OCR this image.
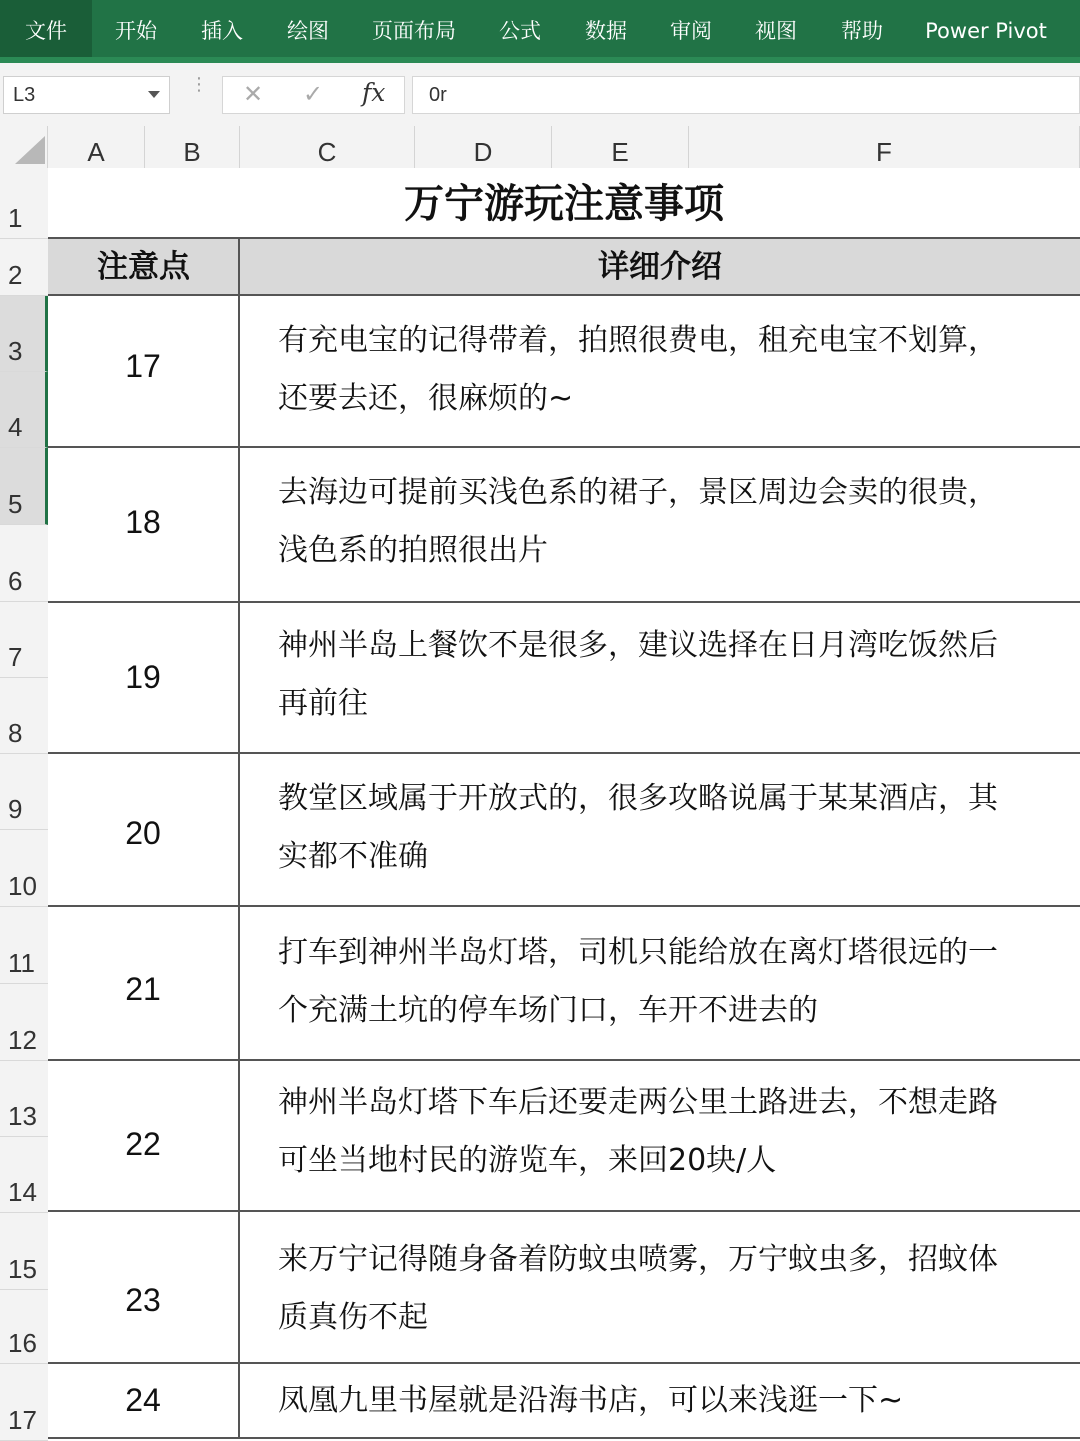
文件	开始	插入	绘图	页面布局	公式	数据	审阅	视图	帮助	Power Pivot
L3	⋮ ✕ ✓ fx 0r
A	B	C	D	E	F
1
2
3
4
5
6
7
8
9
10
11
12
13
14
15
16
17
万宁游玩注意事项
注意点	详细介绍
17
有充电宝的记得带着，拍照很费电，租充电宝不划算，
还要去还，很麻烦的~
18
去海边可提前买浅色系的裙子，景区周边会卖的很贵，
浅色系的拍照很出片
19
神州半岛上餐饮不是很多，建议选择在日月湾吃饭然后
再前往
20
教堂区域属于开放式的，很多攻略说属于某某酒店，其
实都不准确
21
打车到神州半岛灯塔，司机只能给放在离灯塔很远的一
个充满土坑的停车场门口，车开不进去的
22
神州半岛灯塔下车后还要走两公里土路进去，不想走路
可坐当地村民的游览车，来回20块/人
23
来万宁记得随身备着防蚊虫喷雾，万宁蚊虫多，招蚊体
质真伤不起
24	凤凰九里书屋就是沿海书店，可以来浅逛一下~
